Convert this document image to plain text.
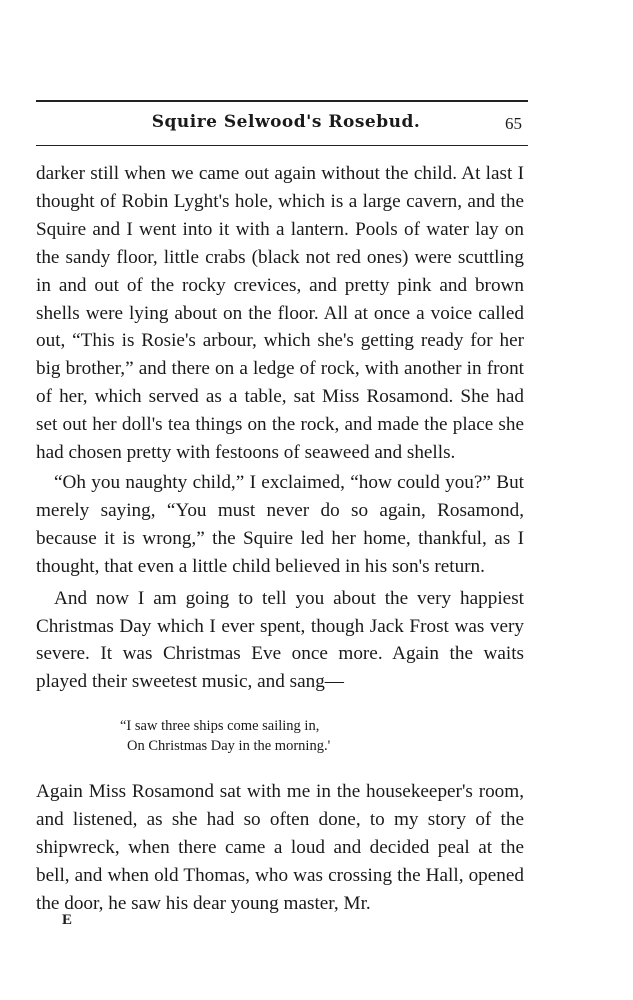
Squire Selwood's Rosebud.	65

darker still when we came out again without the child. At last I thought of Robin Lyght's hole, which is a large cavern, and the Squire and I went into it with a lantern. Pools of water lay on the sandy floor, little crabs (black not red ones) were scuttling in and out of the rocky crevices, and pretty pink and brown shells were lying about on the floor. All at once a voice called out, “This is Rosie's arbour, which she's getting ready for her big brother,” and there on a ledge of rock, with another in front of her, which served as a table, sat Miss Rosamond. She had set out her doll's tea things on the rock, and made the place she had chosen pretty with festoons of seaweed and shells.

“Oh you naughty child,” I exclaimed, “how could you?” But merely saying, “You must never do so again, Rosamond, because it is wrong,” the Squire led her home, thankful, as I thought, that even a little child believed in his son's return.

And now I am going to tell you about the very happiest Christmas Day which I ever spent, though Jack Frost was very severe. It was Christmas Eve once more. Again the waits played their sweetest music, and sang—

“I saw three ships come sailing in,
On Christmas Day in the morning.'

Again Miss Rosamond sat with me in the housekeeper's room, and listened, as she had so often done, to my story of the shipwreck, when there came a loud and decided peal at the bell, and when old Thomas, who was crossing the Hall, opened the door, he saw his dear young master, Mr.

E
